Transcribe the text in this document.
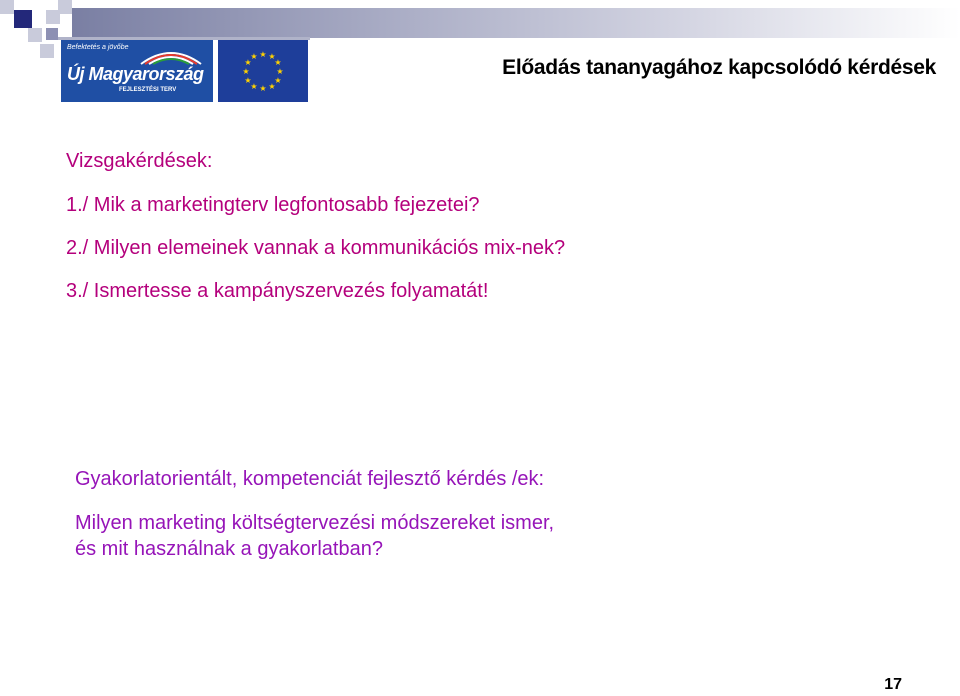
Befektetés a jövőbe
Új Magyarország
FEJLESZTÉSI TERV
★ ★
★
★
★
★
★
★
★
★
★
★	Előadás tananyagához kapcsolódó kérdések
Vizsgakérdések:
1./ Mik a marketingterv legfontosabb fejezetei?
2./ Milyen elemeinek vannak a kommunikációs mix-nek?
3./ Ismertesse a kampányszervezés folyamatát!
Gyakorlatorientált, kompetenciát fejlesztő kérdés /ek:
Milyen marketing költségtervezési módszereket ismer,
és mit használnak a gyakorlatban?
17
